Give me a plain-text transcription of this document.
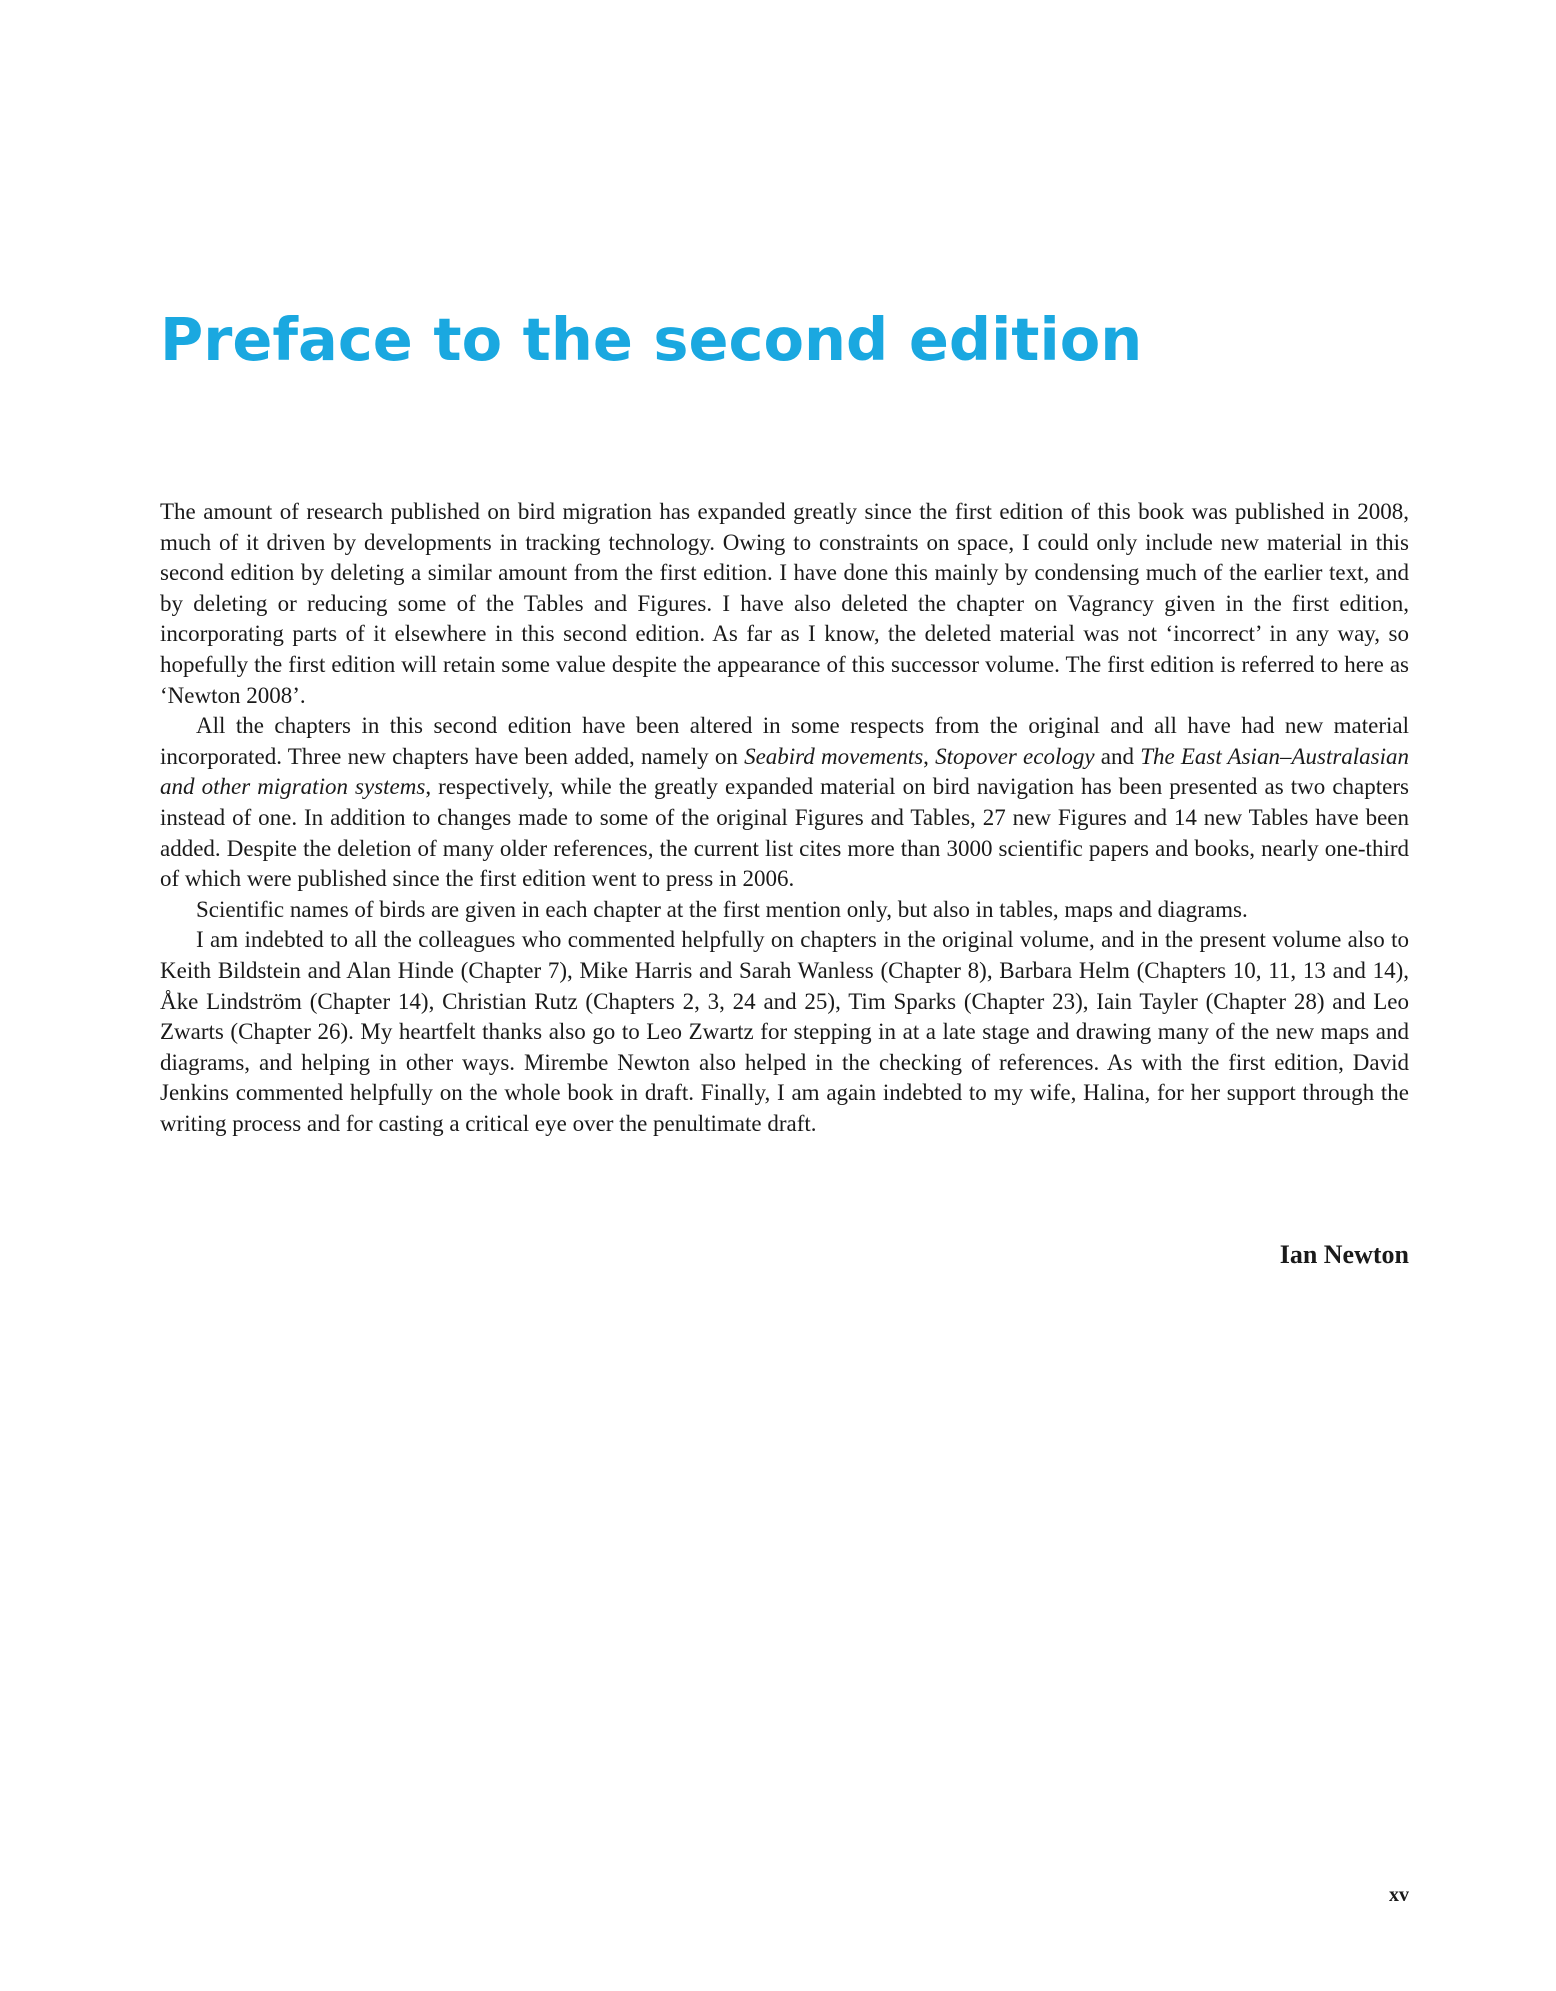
Preface to the second edition

The amount of research published on bird migration has expanded greatly since the first edition of this book was published in 2008, much of it driven by developments in tracking technology. Owing to constraints on space, I could only include new material in this second edition by deleting a similar amount from the first edition. I have done this mainly by condensing much of the earlier text, and by deleting or reducing some of the Tables and Figures. I have also deleted the chapter on Vagrancy given in the first edition, incorporating parts of it elsewhere in this second edition. As far as I know, the deleted material was not ‘incorrect’ in any way, so hopefully the first edition will retain some value despite the appearance of this successor volume. The first edition is referred to here as ‘Newton 2008’.

All the chapters in this second edition have been altered in some respects from the original and all have had new material incorporated. Three new chapters have been added, namely on Seabird movements, Stopover ecology and The East Asian–Australasian and other migration systems, respectively, while the greatly expanded material on bird navigation has been presented as two chapters instead of one. In addition to changes made to some of the original Figures and Tables, 27 new Figures and 14 new Tables have been added. Despite the deletion of many older references, the current list cites more than 3000 scientific papers and books, nearly one-third of which were published since the first edition went to press in 2006.

Scientific names of birds are given in each chapter at the first mention only, but also in tables, maps and diagrams.

I am indebted to all the colleagues who commented helpfully on chapters in the original volume, and in the present volume also to Keith Bildstein and Alan Hinde (Chapter 7), Mike Harris and Sarah Wanless (Chapter 8), Barbara Helm (Chapters 10, 11, 13 and 14), Åke Lindström (Chapter 14), Christian Rutz (Chapters 2, 3, 24 and 25), Tim Sparks (Chapter 23), Iain Tayler (Chapter 28) and Leo Zwarts (Chapter 26). My heartfelt thanks also go to Leo Zwartz for stepping in at a late stage and drawing many of the new maps and diagrams, and helping in other ways. Mirembe Newton also helped in the checking of references. As with the first edition, David Jenkins commented helpfully on the whole book in draft. Finally, I am again indebted to my wife, Halina, for her support through the writing process and for casting a critical eye over the penultimate draft.

Ian Newton
xv
